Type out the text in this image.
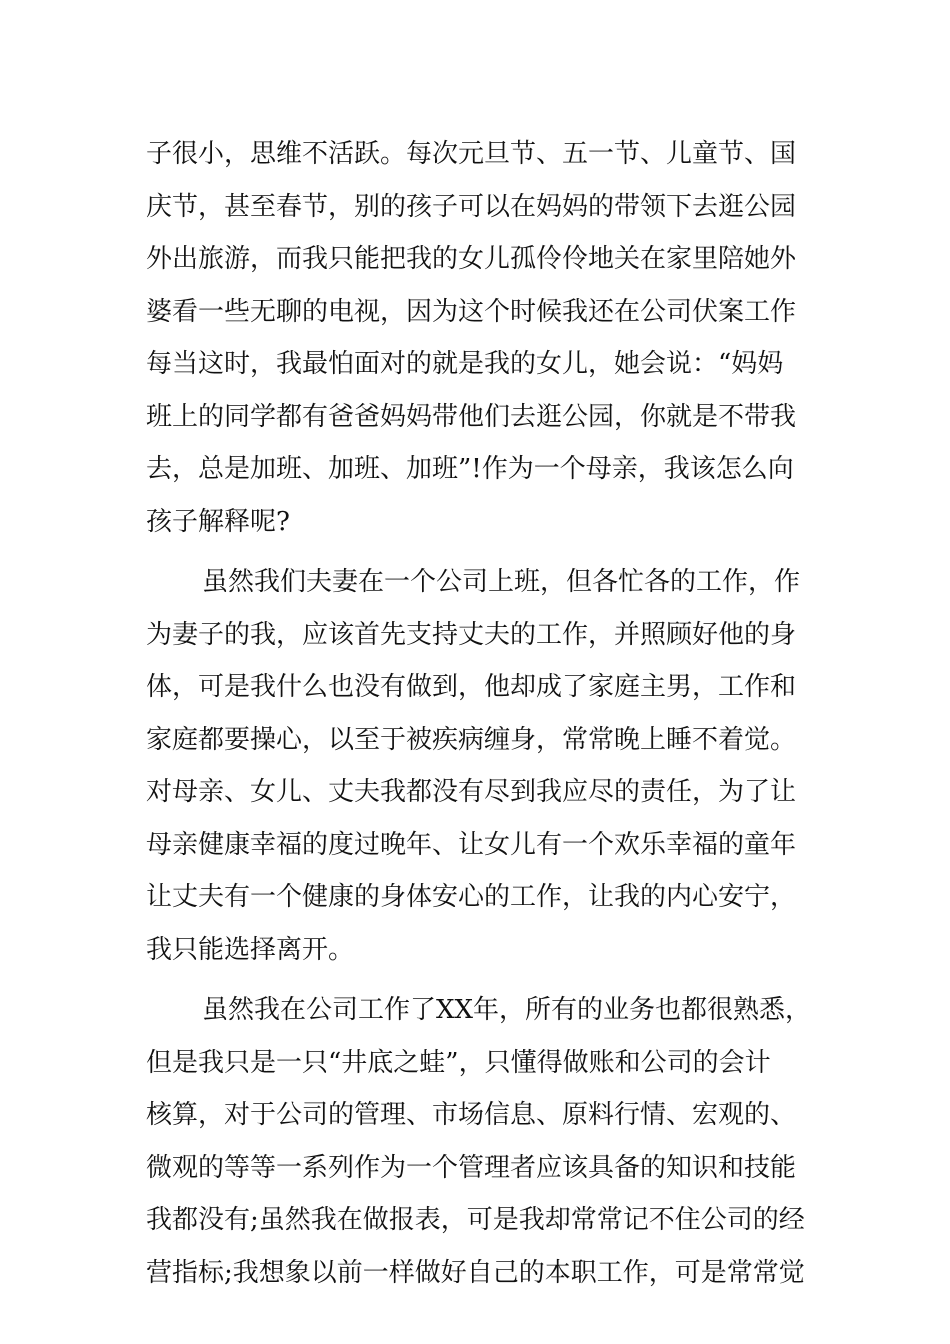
子很小，思维不活跃。每次元旦节、五一节、儿童节、国
庆节，甚至春节，别的孩子可以在妈妈的带领下去逛公园
外出旅游，而我只能把我的女儿孤伶伶地关在家里陪她外
婆看一些无聊的电视，因为这个时候我还在公司伏案工作
每当这时，我最怕面对的就是我的女儿，她会说：“妈妈
班上的同学都有爸爸妈妈带他们去逛公园，你就是不带我
去，总是加班、加班、加班”!作为一个母亲，我该怎么向
孩子解释呢?
虽然我们夫妻在一个公司上班，但各忙各的工作，作
为妻子的我，应该首先支持丈夫的工作，并照顾好他的身
体，可是我什么也没有做到，他却成了家庭主男，工作和
家庭都要操心，以至于被疾病缠身，常常晚上睡不着觉。
对母亲、女儿、丈夫我都没有尽到我应尽的责任，为了让
母亲健康幸福的度过晚年、让女儿有一个欢乐幸福的童年
让丈夫有一个健康的身体安心的工作，让我的内心安宁，
我只能选择离开。
虽然我在公司工作了XX年，所有的业务也都很熟悉，
但是我只是一只“井底之蛙”，只懂得做账和公司的会计
核算，对于公司的管理、市场信息、原料行情、宏观的、
微观的等等一系列作为一个管理者应该具备的知识和技能
我都没有;虽然我在做报表，可是我却常常记不住公司的经
营指标;我想象以前一样做好自己的本职工作，可是常常觉
